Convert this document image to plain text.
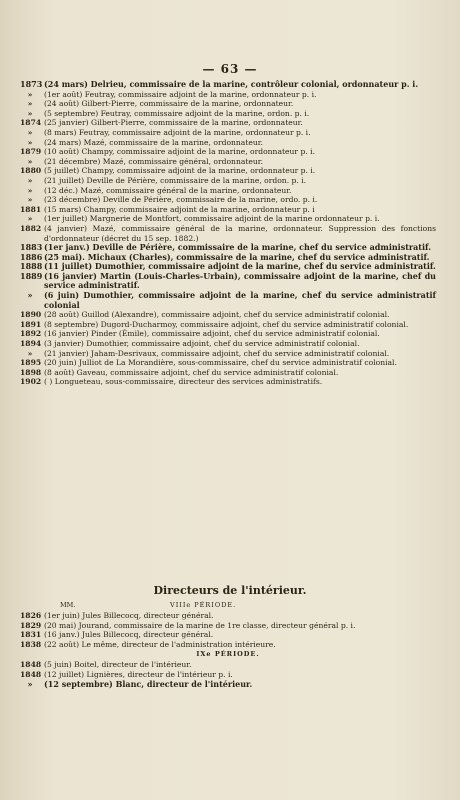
— 63 —
1873 (24 mars) Delrieu, commissaire de la marine, contrôleur colonial, ordonnateur p. i.
»	(1er août) Feutray, commissaire adjoint de la marine, ordonnateur p. i.
»	(24 août) Gilbert-Pierre, commissaire de la marine, ordonnateur.
»	(5 septembre) Feutray, commissaire adjoint de la marine, ordon. p. i.
1874 (25 janvier) Gilbert-Pierre, commissaire de la marine, ordonnateur.
»	(8 mars) Feutray, commissaire adjoint de la marine, ordonnateur p. i.
»	(24 mars) Mazé, commissaire de la marine, ordonnateur.
1879 (10 août) Champy, commissaire adjoint de la marine, ordonnateur p. i.
»	(21 décembre) Mazé, commissaire général, ordonnateur.
1880 (5 juillet) Champy, commissaire adjoint de la marine, ordonnateur p. i.
»	(21 juillet) Deville de Périère, commissaire de la marine, ordon. p. i.
»	(12 déc.) Mazé, commissaire général de la marine, ordonnateur.
»	(23 décembre) Deville de Périère, commissaire de la marine, ordo. p. i.
1881 (15 mars) Champy, commissaire adjoint de la marine, ordonnateur p. i
»	(1er juillet) Margnerie de Montfort, commissaire adjoint de la marine ordonnateur p. i.
1882 (4 janvier) Mazé, commissaire général de la marine, ordonnateur. Suppression des fonctions d'ordonnateur (décret du 15 sep. 1882.)
1883 (1er janv.) Deville de Périère, commissaire de la marine, chef du service administratif.
1886 (25 mai). Michaux (Charles), commissaire de la marine, chef du service administratif.
1888 (11 juillet) Dumothier, commissaire adjoint de la marine, chef du service administratif.
1889 (16 janvier) Martin (Louis-Charles-Urbain), commissaire adjoint de la marine, chef du service administratif.
»	(6 juin) Dumothier, commissaire adjoint de la marine, chef du service administratif colonial
1890 (28 août) Guillod (Alexandre), commissaire adjoint, chef du service administratif colonial.
1891 (8 septembre) Dugord-Ducharmoy, commissaire adjoint, chef du service administratif colonial.
1892 (16 janvier) Pinder (Émile), commissaire adjoint, chef du service administratif colonial.
1894 (3 janvier) Dumothier, commissaire adjoint, chef du service administratif colonial.
»	(21 janvier) Jaham-Desrivaux, commissaire adjoint, chef du service administratif colonial.
1895 (20 juin) Julliot de La Morandière, sous-commissaire, chef du service administratif colonial.
1898 (8 août) Gaveau, commissaire adjoint, chef du service administratif colonial.
1902 ( ) Longueteau, sous-commissaire, directeur des services administratifs.
Directeurs de l'intérieur.
MM.	VIIIe PÉRIODE.
1826 (1er juin) Jules Billecocq, directeur général.
1829 (20 mai) Jourand, commissaire de la marine de 1re classe, directeur général p. i.
1831 (16 janv.) Jules Billecocq, directeur général.
1838 (22 août) Le même, directeur de l'administration intérieure.
IXe PÉRIODE.
1848 (5 juin) Boitel, directeur de l'intérieur.
1848 (12 juillet) Lignières, directeur de l'intérieur p. i.
»	(12 septembre) Blanc, directeur de l'intérieur.
